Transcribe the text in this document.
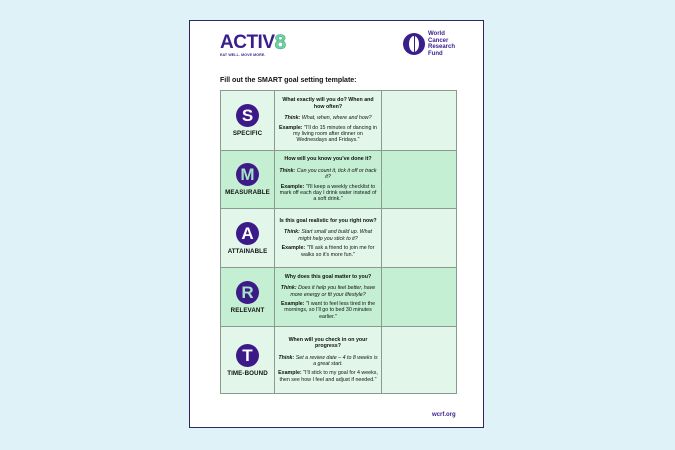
ACTIV 8
EAT WELL. MOVE MORE.
World
Cancer
Research
Fund
Fill out the SMART goal setting template:
S
SPECIFIC
What exactly will you do? When and how often?
Think: What, when, where and how?
Example: "I'll do 15 minutes of dancing in my living room after dinner on Wednesdays and Fridays."
M
MEASURABLE
How will you know you've done it?
Think: Can you count it, tick it off or track it?
Example: "I'll keep a weekly checklist to mark off each day I drink water instead of a soft drink."
A
ATTAINABLE
Is this goal realistic for you right now?
Think: Start small and build up. What might help you stick to it?
Example: "I'll ask a friend to join me for walks so it's more fun."
R
RELEVANT
Why does this goal matter to you?
Think: Does it help you feel better, have more energy or fit your lifestyle?
Example: "I want to feel less tired in the mornings, so I'll go to bed 30 minutes earlier."
T
TIME-BOUND
When will you check in on your progress?
Think: Set a review date – 4 to 8 weeks is a great start.
Example: "I'll stick to my goal for 4 weeks, then see how I feel and adjust if needed."
wcrf.org
